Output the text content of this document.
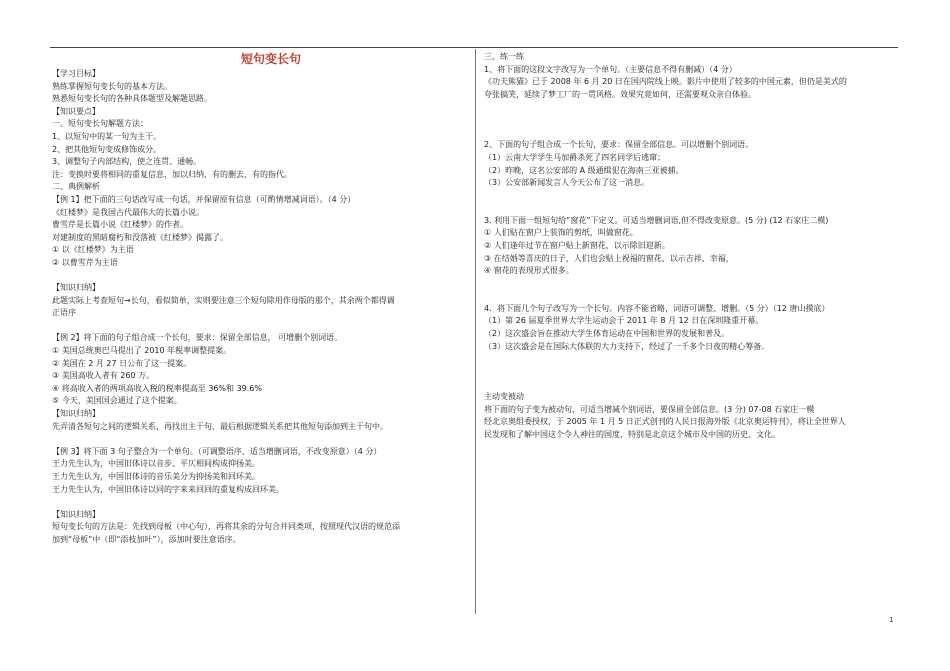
短句变长句

【学习目标】

熟练掌握短句变长句的基本方法。

熟悉短句变长句的各种具体题型及解题思路。

【知识要点】

一、短句变长句解题方法：

1、以短句中的某一句为主干。

2、把其他短句变成修饰成分。

3、调整句子内部结构，使之连贯、通畅。

注：变换时要将相同的重复信息，加以归纳，有的删去，有的指代。

二、典例解析

【例 1】把下面的三句话改写成一句话，并保留原有信息（可酌情增减词语）。（4 分）

《红楼梦》是我国古代最伟大的长篇小说。

曹雪芹是长篇小说《红楼梦》的作者。

对建制度的黑暗腐朽和没落被《红楼梦》揭露了。

① 以《红楼梦》为主语

② 以曹雪芹为主语

【知识归纳】

此题实际上考查短句→长句，看似简单，实则要注意三个短句除用作母版的那个，其余两个都得调

正语序

【例 2】将下面的句子组合成一个长句，要求：保留全部信息， 可增删个别词语。

① 美国总统奥巴马提出了 2010 年税率调整提案。

② 美国在 2 月 27 日公布了这一提案。

③ 美国高收入者有 260 万。

④ 将高收入者的两项高收入税的税率提高至 36%和 39.6%

⑤ 今天，美国国会通过了这个提案。

【知识归纳】

先弄清各短句之间的逻辑关系，再找出主干句，最后根据逻辑关系把其他短句添加到主干句中。

【例 3】将下面 3 句子整合为一个单句。（可调整语序、适当增删词语，不改变原意）（4 分）

王力先生认为，中国旧体诗以音步、平仄相间构成抑扬美。

王力先生认为，中国旧体诗的音乐美分为抑扬美和回环美。

王力先生认为，中国旧体诗以同的字来来回回的重复构成回环美。

【知识归纳】

短句变长句的方法是：先找到母板（中心句），再将其余的分句合并同类项，按照现代汉语的规范添

加到“母板”中（即“添枝加叶”），添加时要注意语序。

三、练一练

1、将下面的这段文字改写为一个单句。（主要信息不得有删减）（4 分）

《功夫熊猫》已于 2008 年 6 月 20 日在国内院线上映。影片中使用了较多的中国元素，但仍是美式的

夸张搞笑，延续了梦工厂的一贯风格。效果究竟如何，还需要观众亲自体验。

2、下面的句子组合成一个长句，要求：保留全部信息。可以增删个别词语。

（1）云南大学学生马加爵杀死了四名同学后逃窜；

（2）昨晚，这名公安部的 A 级通缉犯在海南三亚被捕。

（3）公安部新闻发言人今天公布了这一消息。

3. 利用下面一组短句给“窗花”下定义。可适当增删词语,但不得改变原意。(5 分) (12 石家庄二模)

① 人们贴在窗户上装饰的剪纸，叫做窗花。

② 人们逢年过节在窗户贴上新窗花，以示除旧迎新。

③ 在结婚等喜庆的日子，人们也会贴上祝福的窗花，以示吉祥、幸福，

④ 窗花的表现形式很多。

4．将下面几个句子改写为一个长句。内容不能省略，词语可调整、增删。（5 分）（12 唐山摸底）

（1）第 26 届夏季世界大学生运动会于 2011 年 8 月 12 日在深圳隆重开幕。

（2）这次盛会旨在推动大学生体育运动在中国和世界的发展和普及。

（3）这次盛会是在国际大体联的大力支持下，经过了一千多个日夜的精心筹备。

主动变被动

将下面的句子变为被动句，可适当增减个别词语，要保留全部信息。(3 分) 07-08 石家庄一模

经北京奥组委授权，于 2005 年 1 月 5 日正式创刊的人民日报海外版《北京奥运特刊》，将让全世界人

民发现和了解中国这个令人神往的国度，特别是北京这个城市及中国的历史、文化。

1
